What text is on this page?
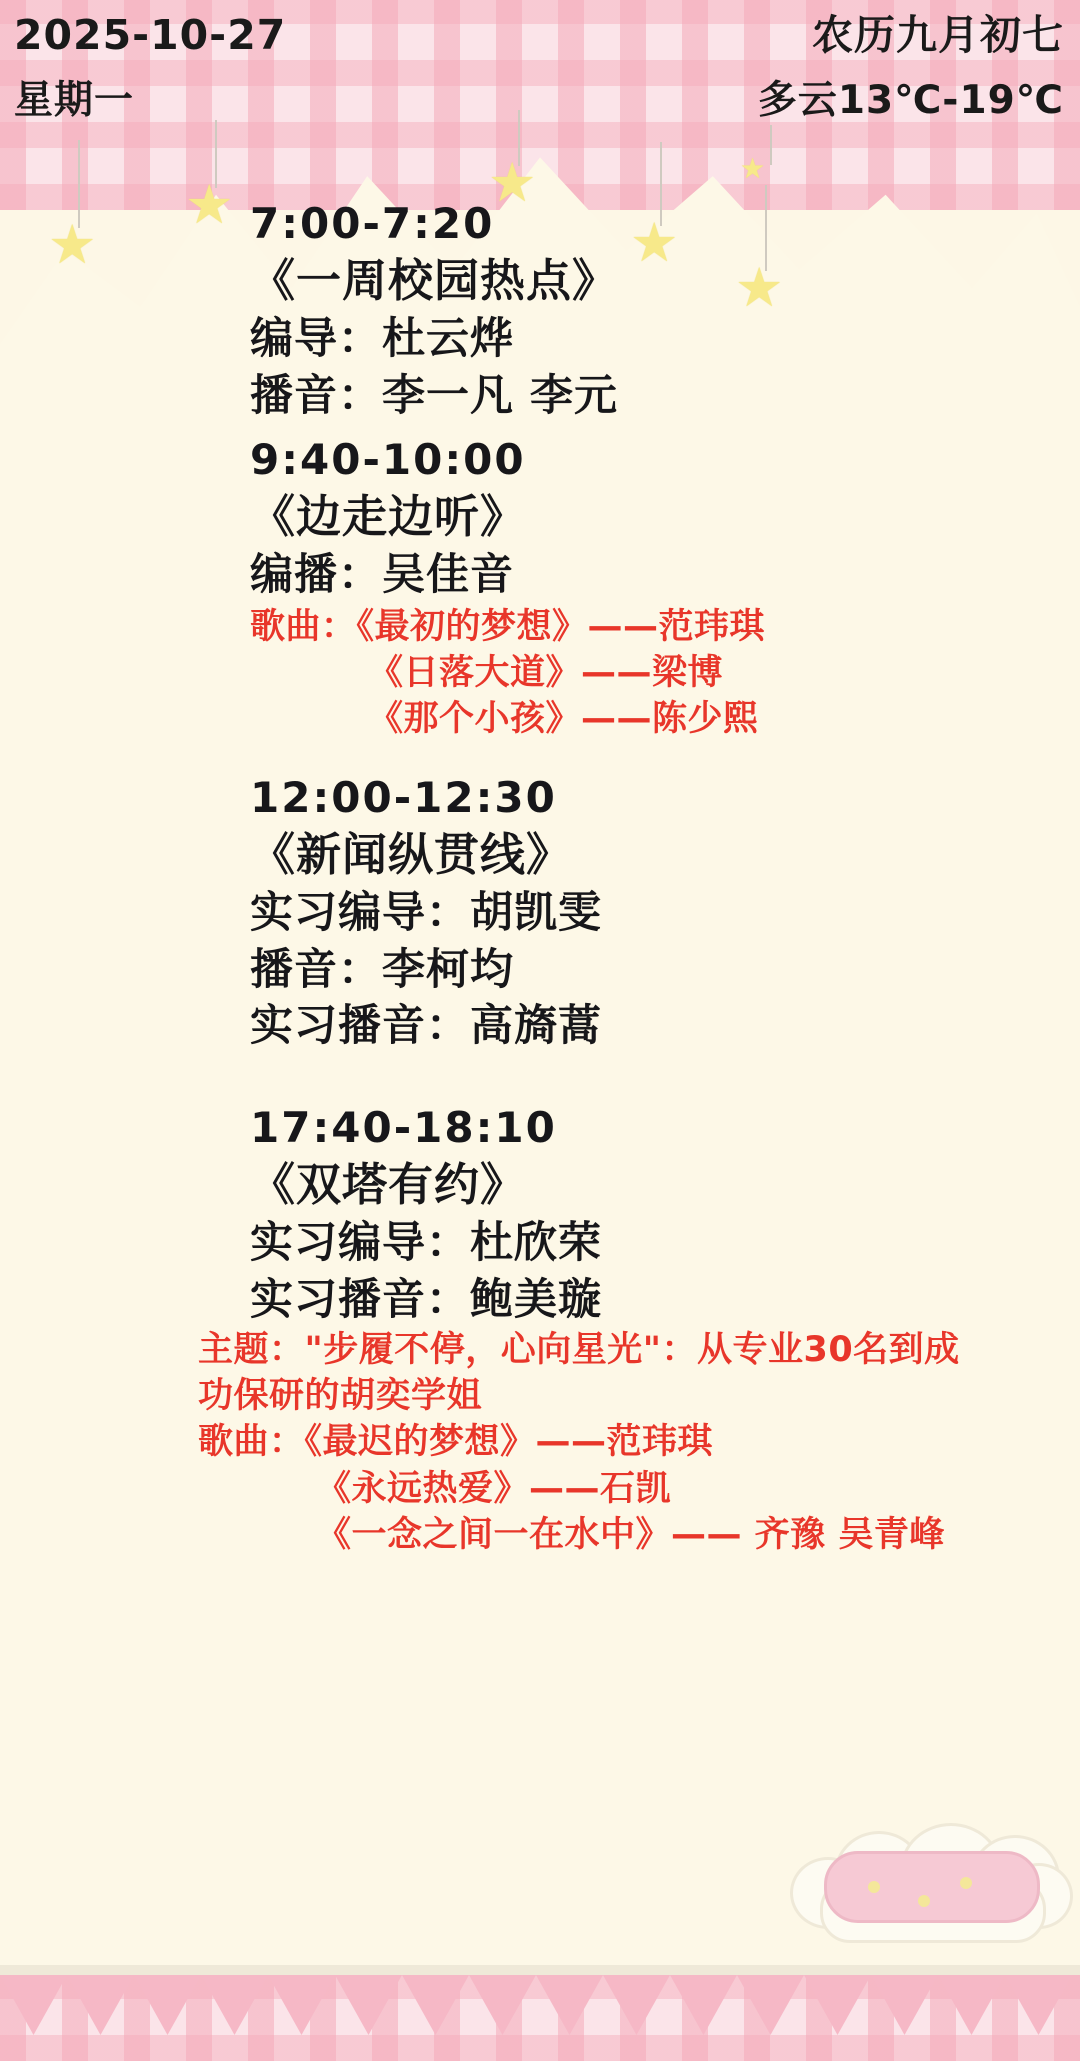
2025-10-27
星期一
农历九月初七
多云13℃-19℃
★
★	★
★
★
★
7:00-7:20
《一周校园热点》
编导：杜云烨
播音：李一凡 李元
9:40-10:00
《边走边听》
编播：吴佳音
歌曲：《最初的梦想》——范玮琪
《日落大道》——梁博
《那个小孩》——陈少熙
12:00-12:30
《新闻纵贯线》
实习编导：胡凯雯
播音：李柯均
实习播音：高旖蒿
17:40-18:10
《双塔有约》
实习编导：杜欣荣
实习播音：鲍美璇
主题："步履不停，心向星光"：从专业30名到成功保研的胡奕学姐
歌曲：《最迟的梦想》——范玮琪
《永远热爱》——石凯
《一念之间一在水中》—— 齐豫 吴青峰
